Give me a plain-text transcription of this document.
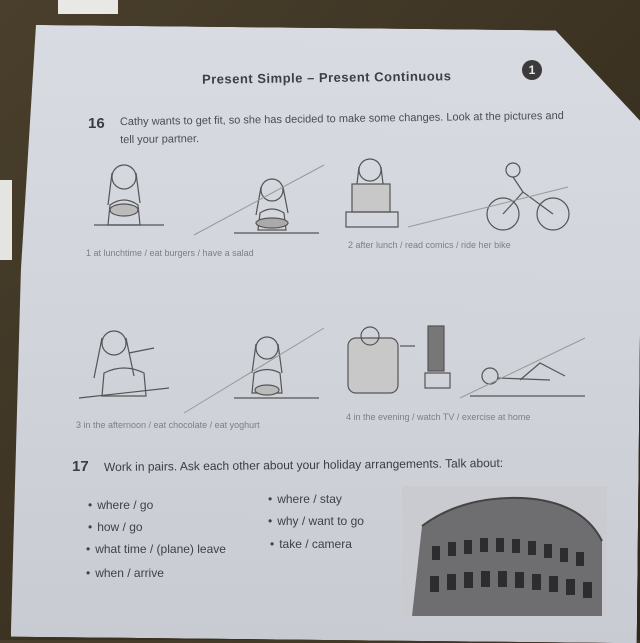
1
Present Simple – Present Continuous
16 Cathy wants to get fit, so she has decided to make some changes. Look at the pictures and tell your partner.
1 at lunchtime / eat burgers / have a salad
2 after lunch / read comics / ride her bike
3 in the afternoon / eat chocolate / eat yoghurt
4 in the evening / watch TV / exercise at home
17 Work in pairs. Ask each other about your holiday arrangements. Talk about:
• where / go
• how / go
• what time / (plane) leave
• when / arrive
• where / stay
• why / want to go
• take / camera
